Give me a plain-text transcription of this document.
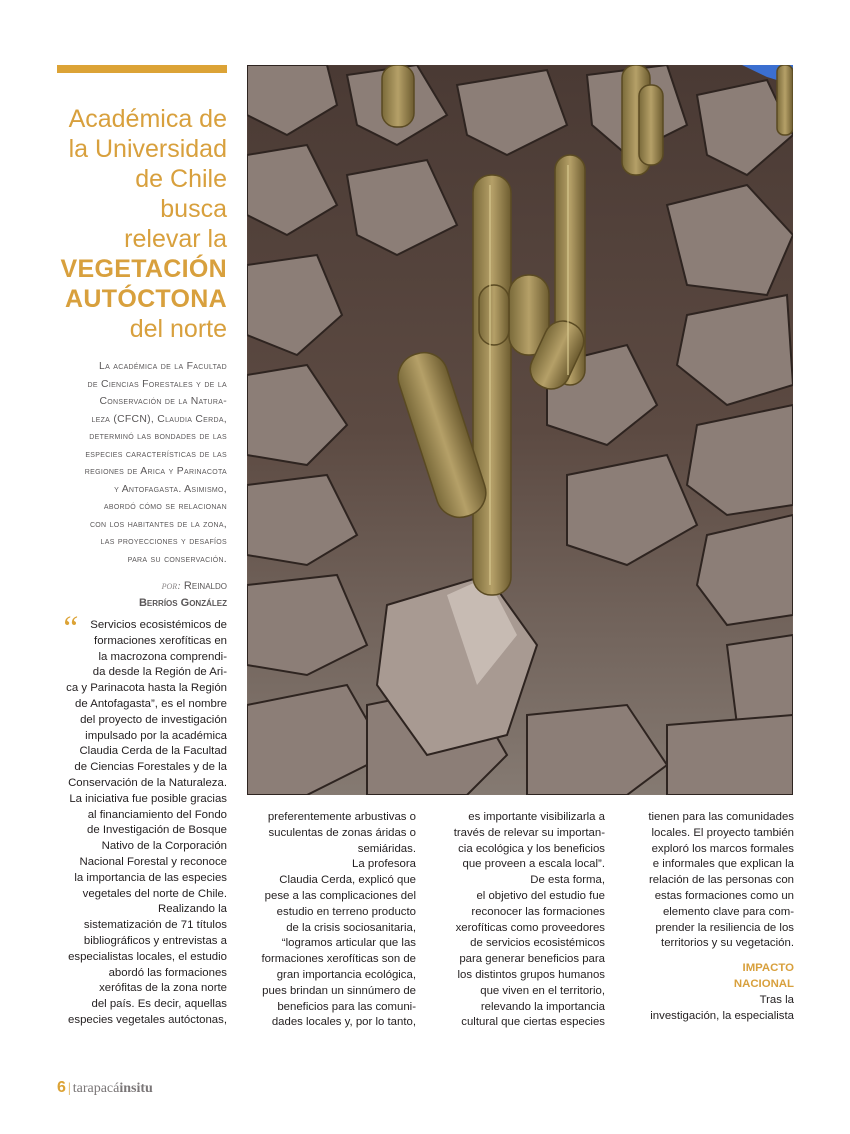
Académica de
la Universidad
de Chile
busca
relevar la
VEGETACIÓN
AUTÓCTONA
del norte
La académica de la Facultad
de Ciencias Forestales y de la
Conservación de la Natura-
leza (CFCN), Claudia Cerda,
determinó las bondades de las
especies características de las
regiones de Arica y Parinacota
y Antofagasta. Asimismo,
abordó cómo se relacionan
con los habitantes de la zona,
las proyecciones y desafíos
para su conservación.
por: Reinaldo
Berríos González
“ Servicios ecosistémicos de
formaciones xerofíticas en
la macrozona comprendi-
da desde la Región de Ari-
ca y Parinacota hasta la Región
de Antofagasta”, es el nombre
del proyecto de investigación
impulsado por la académica
Claudia Cerda de la Facultad
de Ciencias Forestales y de la
Conservación de la Naturaleza.
La iniciativa fue posible gracias
al financiamiento del Fondo
de Investigación de Bosque
Nativo de la Corporación
Nacional Forestal y reconoce
la importancia de las especies
vegetales del norte de Chile.
Realizando la
sistematización de 71 títulos
bibliográficos y entrevistas a
especialistas locales, el estudio
abordó las formaciones
xerófitas de la zona norte
del país. Es decir, aquellas
especies vegetales autóctonas,
preferentemente arbustivas o
suculentas de zonas áridas o
semiáridas.
La profesora
Claudia Cerda, explicó que
pese a las complicaciones del
estudio en terreno producto
de la crisis sociosanitaria,
“logramos articular que las
formaciones xerofíticas son de
gran importancia ecológica,
pues brindan un sinnúmero de
beneficios para las comuni-
dades locales y, por lo tanto,
es importante visibilizarla a
través de relevar su importan-
cia ecológica y los beneficios
que proveen a escala local”.
De esta forma,
el objetivo del estudio fue
reconocer las formaciones
xerofíticas como proveedores
de servicios ecosistémicos
para generar beneficios para
los distintos grupos humanos
que viven en el territorio,
relevando la importancia
cultural que ciertas especies
tienen para las comunidades
locales. El proyecto también
exploró los marcos formales
e informales que explican la
relación de las personas con
estas formaciones como un
elemento clave para com-
prender la resiliencia de los
territorios y su vegetación.
IMPACTO
NACIONAL
Tras la
investigación, la especialista
6 | tarapacáinsitu
